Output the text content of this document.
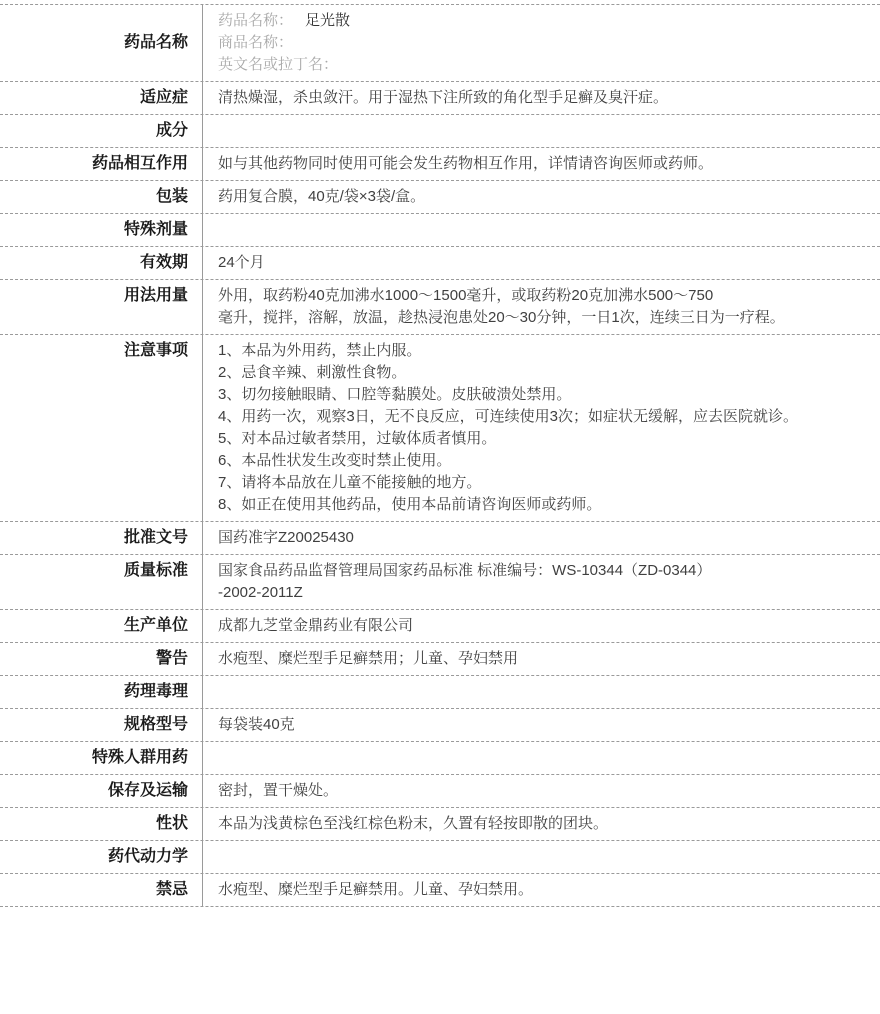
药品名称
药品名称： 足光散
商品名称：
英文名或拉丁名：
适应症	清热燥湿，杀虫敛汗。用于湿热下注所致的角化型手足癣及臭汗症。
成分
药品相互作用	如与其他药物同时使用可能会发生药物相互作用，详情请咨询医师或药师。
包装	药用复合膜，40克/袋×3袋/盒。
特殊剂量
有效期	24个月
用法用量	外用，取药粉40克加沸水1000～1500毫升，或取药粉20克加沸水500～750
毫升，搅拌，溶解，放温，趁热浸泡患处20～30分钟，一日1次，连续三日为一疗程。
注意事项	1、本品为外用药，禁止内服。
2、忌食辛辣、刺激性食物。
3、切勿接触眼睛、口腔等黏膜处。皮肤破溃处禁用。
4、用药一次，观察3日，无不良反应，可连续使用3次；如症状无缓解，应去医院就诊。
5、对本品过敏者禁用，过敏体质者慎用。
6、本品性状发生改变时禁止使用。
7、请将本品放在儿童不能接触的地方。
8、如正在使用其他药品，使用本品前请咨询医师或药师。
批准文号	国药准字Z20025430
质量标准	国家食品药品监督管理局国家药品标准 标准编号：WS-10344（ZD-0344）
-2002-2011Z
生产单位	成都九芝堂金鼎药业有限公司
警告	水疱型、糜烂型手足癣禁用；儿童、孕妇禁用
药理毒理
规格型号	每袋装40克
特殊人群用药
保存及运输	密封，置干燥处。
性状	本品为浅黄棕色至浅红棕色粉末，久置有轻按即散的团块。
药代动力学
禁忌	水疱型、糜烂型手足癣禁用。儿童、孕妇禁用。
